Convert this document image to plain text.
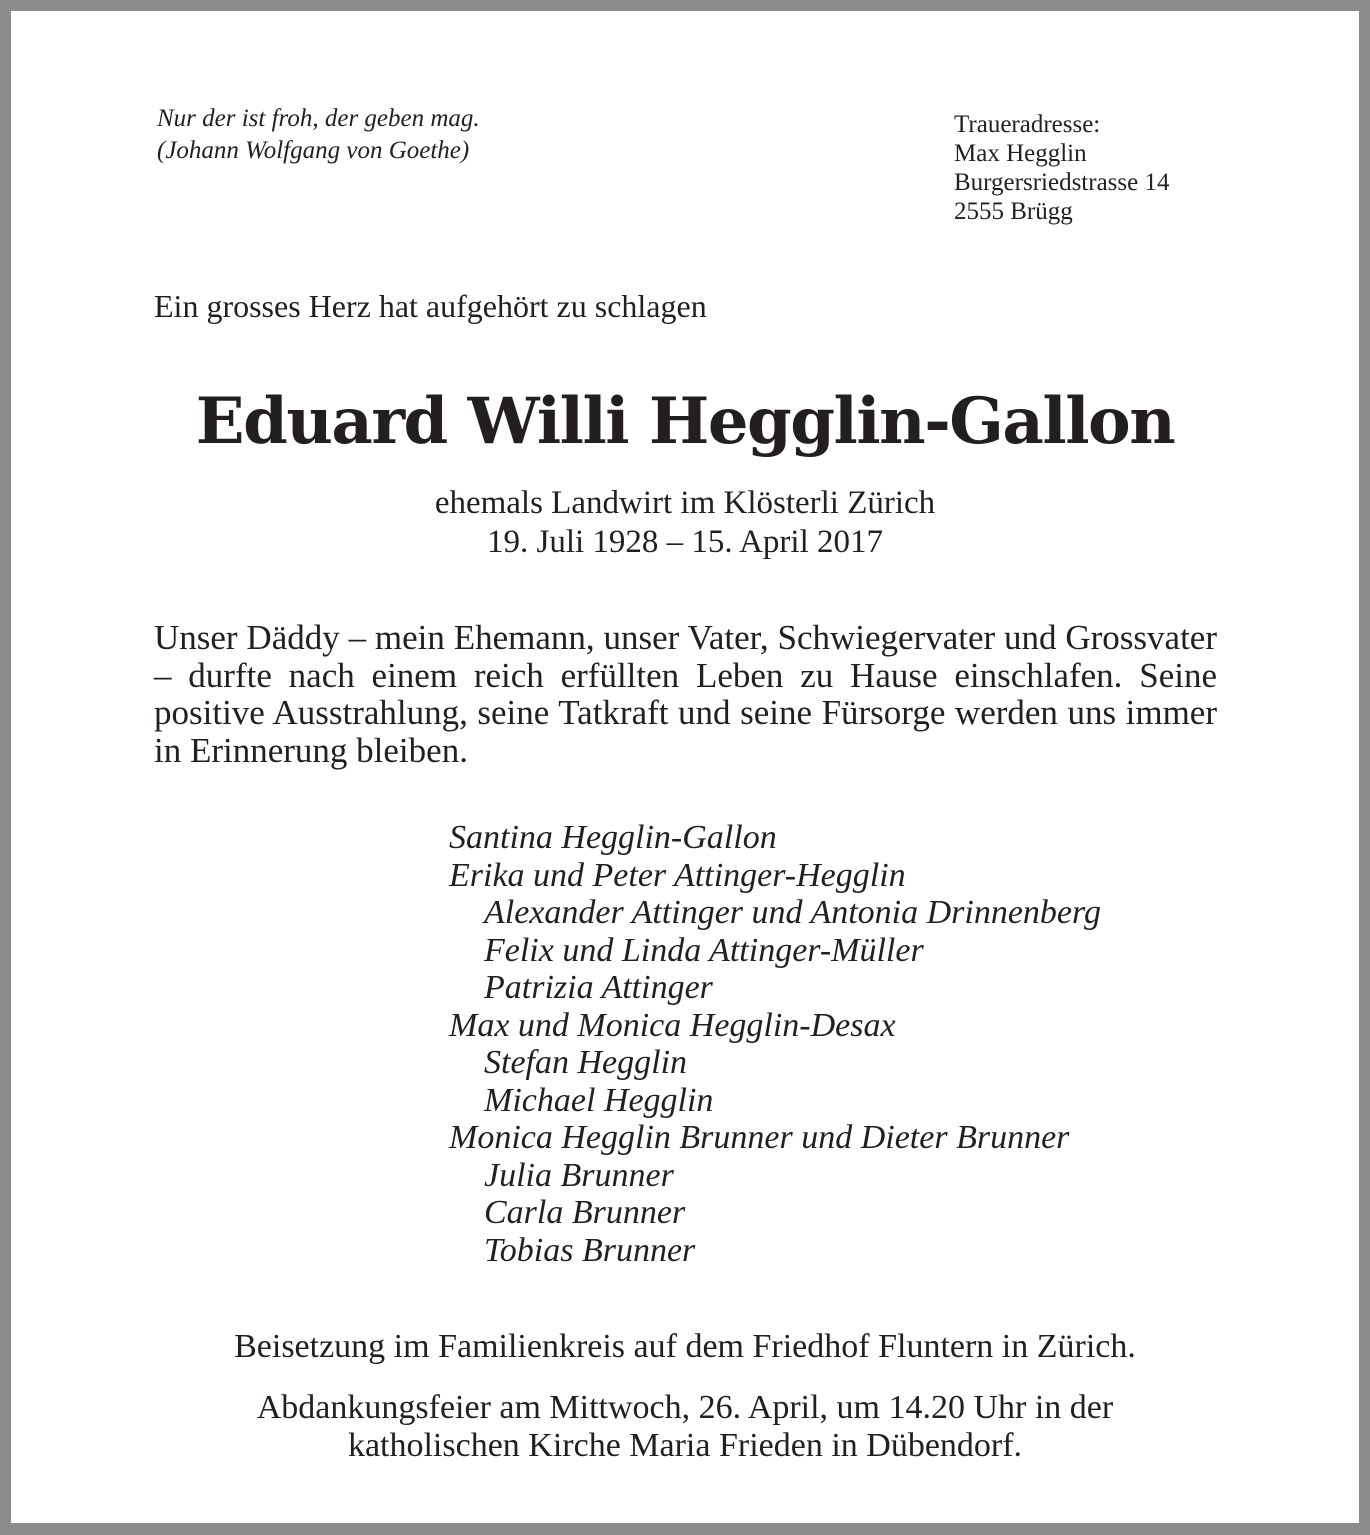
Nur der ist froh, der geben mag.
(Johann Wolfgang von Goethe)
Traueradresse:
Max Hegglin
Burgersriedstrasse 14
2555 Brügg
Ein grosses Herz hat aufgehört zu schlagen
Eduard Willi Hegglin-Gallon
ehemals Landwirt im Klösterli Zürich
19. Juli 1928 – 15. April 2017
Unser Däddy – mein Ehemann, unser Vater, Schwiegervater und Grossvater – durfte nach einem reich erfüllten Leben zu Hause einschlafen. Seine positive Ausstrahlung, seine Tatkraft und seine Fürsorge werden uns immer in Erinnerung bleiben.
Santina Hegglin-Gallon
Erika und Peter Attinger-Hegglin
Alexander Attinger und Antonia Drinnenberg
Felix und Linda Attinger-Müller
Patrizia Attinger
Max und Monica Hegglin-Desax
Stefan Hegglin
Michael Hegglin
Monica Hegglin Brunner und Dieter Brunner
Julia Brunner
Carla Brunner
Tobias Brunner
Beisetzung im Familienkreis auf dem Friedhof Fluntern in Zürich.
Abdankungsfeier am Mittwoch, 26. April, um 14.20 Uhr in der
katholischen Kirche Maria Frieden in Dübendorf.
